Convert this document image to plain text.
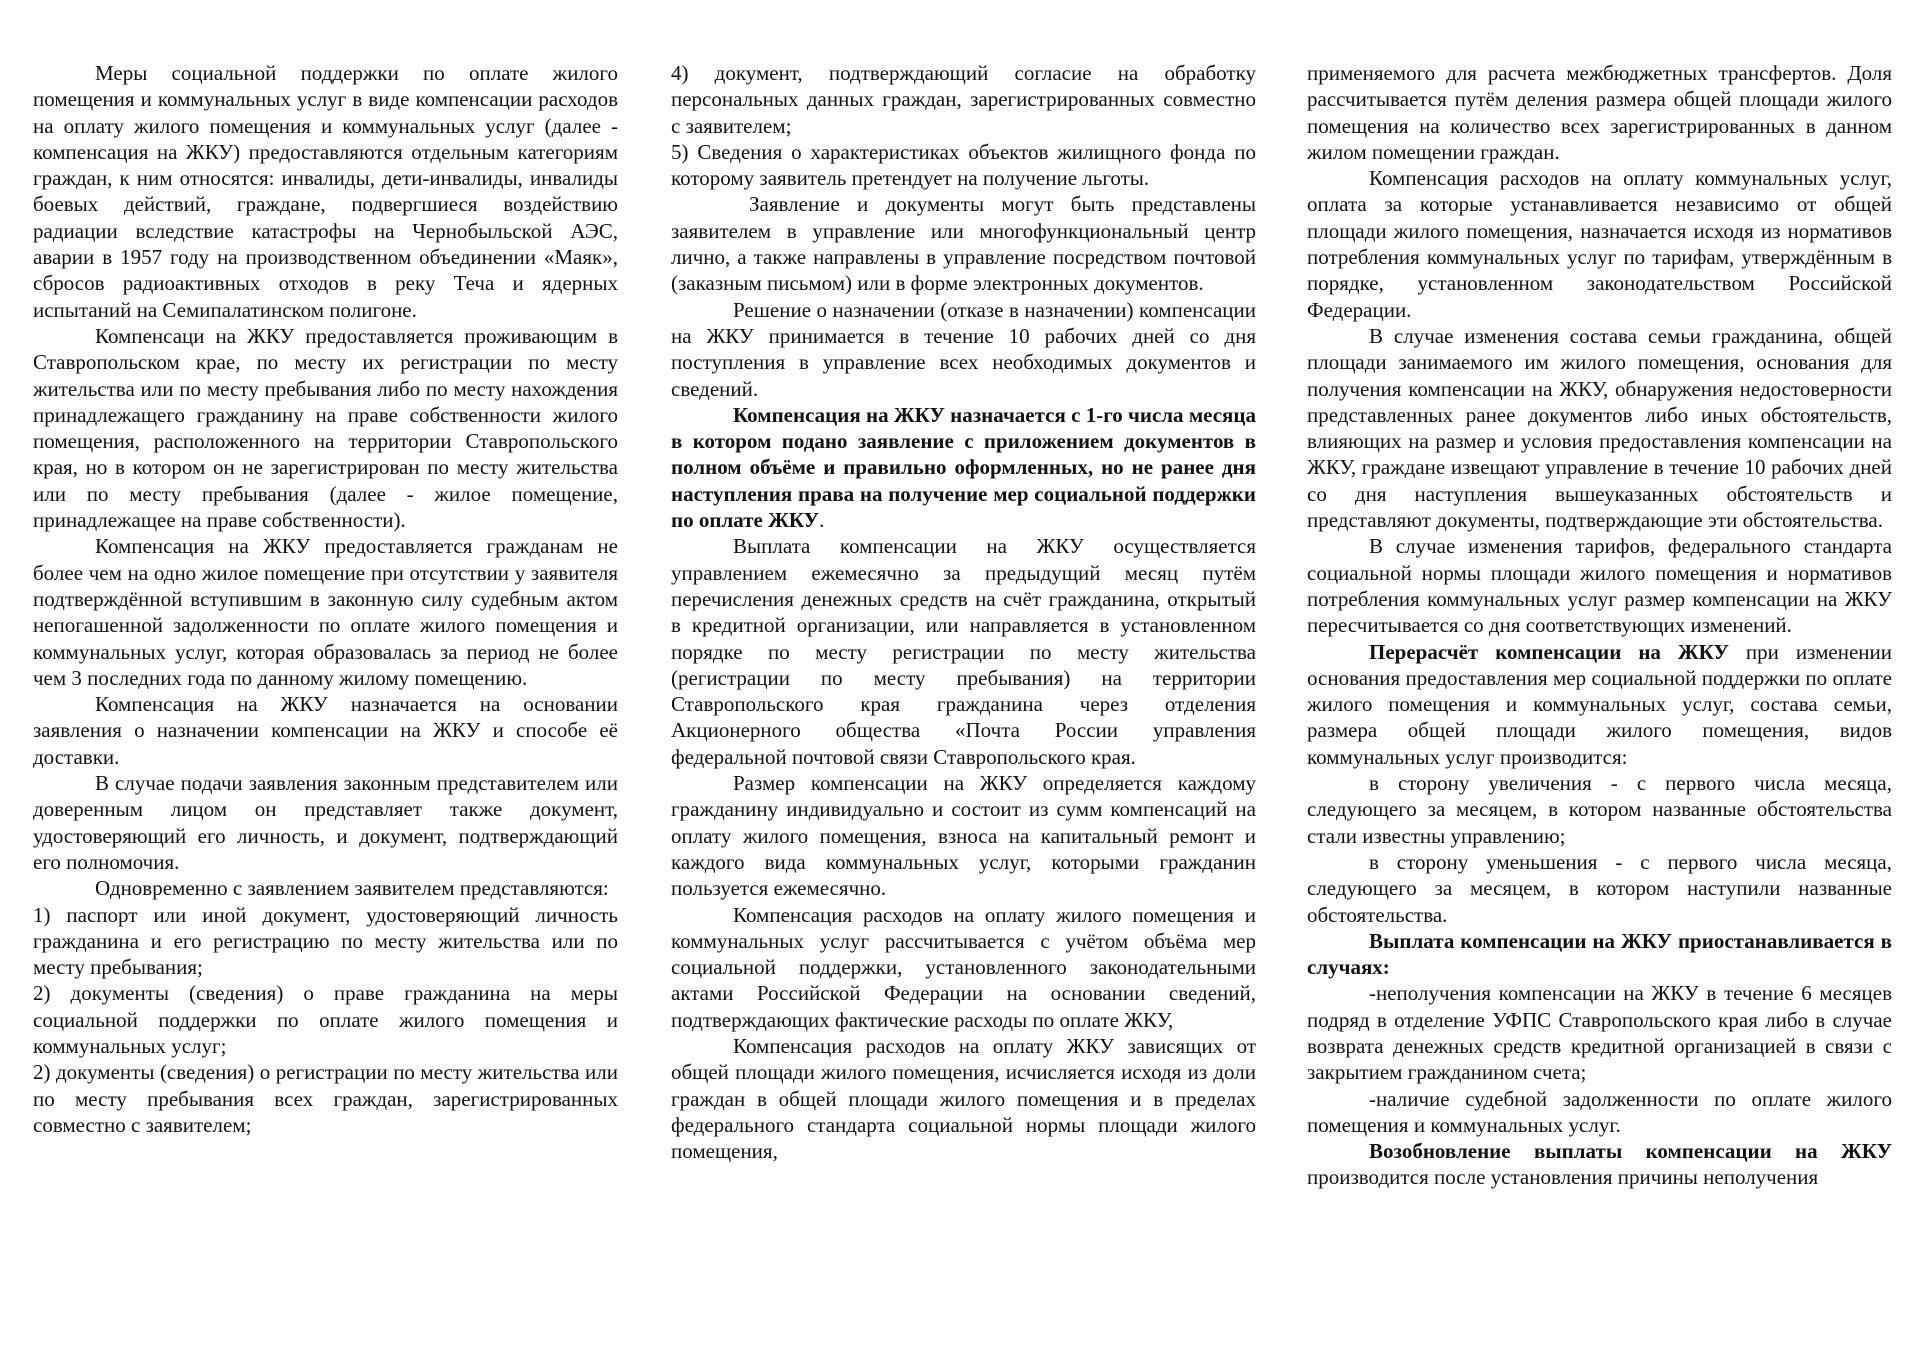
Меры социальной поддержки по оплате жилого помещения и коммунальных услуг в виде компенсации расходов на оплату жилого помещения и коммунальных услуг (далее - компенсация на ЖКУ) предоставляются отдельным категориям граждан, к ним относятся: инвалиды, дети-инвалиды, инвалиды боевых действий, граждане, подвергшиеся воздействию радиации вследствие катастрофы на Чернобыльской АЭС, аварии в 1957 году на производственном объединении «Маяк», сбросов радиоактивных отходов в реку Теча и ядерных испытаний на Семипалатинском полигоне.

Компенсаци на ЖКУ предоставляется проживающим в Ставропольском крае, по месту их регистрации по месту жительства или по месту пребывания либо по месту нахождения принадлежащего гражданину на праве собственности жилого помещения, расположенного на территории Ставропольского края, но в котором он не зарегистрирован по месту жительства или по месту пребывания (далее - жилое помещение, принадлежащее на праве собственности).

Компенсация на ЖКУ предоставляется гражданам не более чем на одно жилое помещение при отсутствии у заявителя подтверждённой вступившим в законную силу судебным актом непогашенной задолженности по оплате жилого помещения и коммунальных услуг, которая образовалась за период не более чем 3 последних года по данному жилому помещению.

Компенсация на ЖКУ назначается на основании заявления о назначении компенсации на ЖКУ и способе её доставки.

В случае подачи заявления законным представителем или доверенным лицом он представляет также документ, удостоверяющий его личность, и документ, подтверждающий его полномочия.

Одновременно с заявлением заявителем представляются:

1) паспорт или иной документ, удостоверяющий личность гражданина и его регистрацию по месту жительства или по месту пребывания;

2) документы (сведения) о праве гражданина на меры социальной поддержки по оплате жилого помещения и коммунальных услуг;

2) документы (сведения) о регистрации по месту жительства или по месту пребывания всех граждан, зарегистрированных совместно с заявителем;

4) документ, подтверждающий согласие на обработку персональных данных граждан, зарегистрированных совместно с заявителем;

5) Сведения о характеристиках объектов жилищного фонда по которому заявитель претендует на получение льготы.

Заявление и документы могут быть представлены заявителем в управление или многофункциональный центр лично, а также направлены в управление посредством почтовой (заказным письмом) или в форме электронных документов.

Решение о назначении (отказе в назначении) компенсации на ЖКУ принимается в течение 10 рабочих дней со дня поступления в управление всех необходимых документов и сведений.

Компенсация на ЖКУ назначается с 1-го числа месяца в котором подано заявление с приложением документов в полном объёме и правильно оформленных, но не ранее дня наступления права на получение мер социальной поддержки по оплате ЖКУ.

Выплата компенсации на ЖКУ осуществляется управлением ежемесячно за предыдущий месяц путём перечисления денежных средств на счёт гражданина, открытый в кредитной организации, или направляется в установленном порядке по месту регистрации по месту жительства (регистрации по месту пребывания) на территории Ставропольского края гражданина через отделения Акционерного общества «Почта России управления федеральной почтовой связи Ставропольского края.

Размер компенсации на ЖКУ определяется каждому гражданину индивидуально и состоит из сумм компенсаций на оплату жилого помещения, взноса на капитальный ремонт и каждого вида коммунальных услуг, которыми гражданин пользуется ежемесячно.

Компенсация расходов на оплату жилого помещения и коммунальных услуг рассчитывается с учётом объёма мер социальной поддержки, установленного законодательными актами Российской Федерации на основании сведений, подтверждающих фактические расходы по оплате ЖКУ,

Компенсация расходов на оплату ЖКУ зависящих от общей площади жилого помещения, исчисляется исходя из доли граждан в общей площади жилого помещения и в пределах федерального стандарта социальной нормы площади жилого помещения,

применяемого для расчета межбюджетных трансфертов. Доля рассчитывается путём деления размера общей площади жилого помещения на количество всех зарегистрированных в данном жилом помещении граждан.

Компенсация расходов на оплату коммунальных услуг, оплата за которые устанавливается независимо от общей площади жилого помещения, назначается исходя из нормативов потребления коммунальных услуг по тарифам, утверждённым в порядке, установленном законодательством Российской Федерации.

В случае изменения состава семьи гражданина, общей площади занимаемого им жилого помещения, основания для получения компенсации на ЖКУ, обнаружения недостоверности представленных ранее документов либо иных обстоятельств, влияющих на размер и условия предоставления компенсации на ЖКУ, граждане извещают управление в течение 10 рабочих дней со дня наступления вышеуказанных обстоятельств и представляют документы, подтверждающие эти обстоятельства.

В случае изменения тарифов, федерального стандарта социальной нормы площади жилого помещения и нормативов потребления коммунальных услуг размер компенсации на ЖКУ пересчитывается со дня соответствующих изменений.

Перерасчёт компенсации на ЖКУ при изменении основания предоставления мер социальной поддержки по оплате жилого помещения и коммунальных услуг, состава семьи, размера общей площади жилого помещения, видов коммунальных услуг производится:

в сторону увеличения - с первого числа месяца, следующего за месяцем, в котором названные обстоятельства стали известны управлению;

в сторону уменьшения - с первого числа месяца, следующего за месяцем, в котором наступили названные обстоятельства.

Выплата компенсации на ЖКУ приостанавливается в случаях:

-неполучения компенсации на ЖКУ в течение 6 месяцев подряд в отделение УФПС Ставропольского края либо в случае возврата денежных средств кредитной организацией в связи с закрытием гражданином счета;

-наличие судебной задолженности по оплате жилого помещения и коммунальных услуг.

Возобновление выплаты компенсации на ЖКУ производится после установления причины неполучения
